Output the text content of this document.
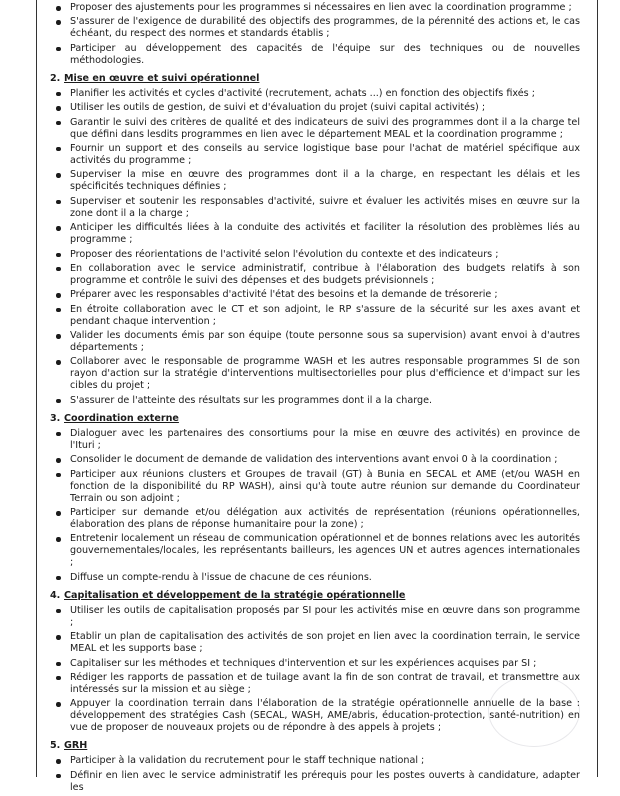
Proposer des ajustements pour les programmes si nécessaires en lien avec la coordination programme ;
S'assurer de l'exigence de durabilité des objectifs des programmes, de la pérennité des actions et, le cas échéant, du respect des normes et standards établis ;
Participer au développement des capacités de l'équipe sur des techniques ou de nouvelles méthodologies.
2. Mise en œuvre et suivi opérationnel
Planifier les activités et cycles d'activité (recrutement, achats ...) en fonction des objectifs fixés ;
Utiliser les outils de gestion, de suivi et d'évaluation du projet (suivi capital activités) ;
Garantir le suivi des critères de qualité et des indicateurs de suivi des programmes dont il a la charge tel que défini dans lesdits programmes en lien avec le département MEAL et la coordination programme ;
Fournir un support et des conseils au service logistique base pour l'achat de matériel spécifique aux activités du programme ;
Superviser la mise en œuvre des programmes dont il a la charge, en respectant les délais et les spécificités techniques définies ;
Superviser et soutenir les responsables d'activité, suivre et évaluer les activités mises en œuvre sur la zone dont il a la charge ;
Anticiper les difficultés liées à la conduite des activités et faciliter la résolution des problèmes liés au programme ;
Proposer des réorientations de l'activité selon l'évolution du contexte et des indicateurs ;
En collaboration avec le service administratif, contribue à l'élaboration des budgets relatifs à son programme et contrôle le suivi des dépenses et des budgets prévisionnels ;
Préparer avec les responsables d'activité l'état des besoins et la demande de trésorerie ;
En étroite collaboration avec le CT et son adjoint, le RP s'assure de la sécurité sur les axes avant et pendant chaque intervention ;
Valider les documents émis par son équipe (toute personne sous sa supervision) avant envoi à d'autres départements ;
Collaborer avec le responsable de programme WASH et les autres responsable programmes SI de son rayon d'action sur la stratégie d'interventions multisectorielles pour plus d'efficience et d'impact sur les cibles du projet ;
S'assurer de l'atteinte des résultats sur les programmes dont il a la charge.
3. Coordination externe
Dialoguer avec les partenaires des consortiums pour la mise en œuvre des activités) en province de l'Ituri ;
Consolider le document de demande de validation des interventions avant envoi 0 à la coordination ;
Participer aux réunions clusters et Groupes de travail (GT) à Bunia en SECAL et AME (et/ou WASH en fonction de la disponibilité du RP WASH), ainsi qu'à toute autre réunion sur demande du Coordinateur Terrain ou son adjoint ;
Participer sur demande et/ou délégation aux activités de représentation (réunions opérationnelles, élaboration des plans de réponse humanitaire pour la zone) ;
Entretenir localement un réseau de communication opérationnel et de bonnes relations avec les autorités gouvernementales/locales, les représentants bailleurs, les agences UN et autres agences internationales ;
Diffuse un compte-rendu à l'issue de chacune de ces réunions.
4. Capitalisation et développement de la stratégie opérationnelle
Utiliser les outils de capitalisation proposés par SI pour les activités mise en œuvre dans son programme ;
Etablir un plan de capitalisation des activités de son projet en lien avec la coordination terrain, le service MEAL et les supports base ;
Capitaliser sur les méthodes et techniques d'intervention et sur les expériences acquises par SI ;
Rédiger les rapports de passation et de tuilage avant la fin de son contrat de travail, et transmettre aux intéressés sur la mission et au siège ;
Appuyer la coordination terrain dans l'élaboration de la stratégie opérationnelle annuelle de la base : développement des stratégies Cash (SECAL, WASH, AME/abris, éducation-protection, santé-nutrition) en vue de proposer de nouveaux projets ou de répondre à des appels à projets ;
5. GRH
Participer à la validation du recrutement pour le staff technique national ;
Définir en lien avec le service administratif les prérequis pour les postes ouverts à candidature, adapter les
